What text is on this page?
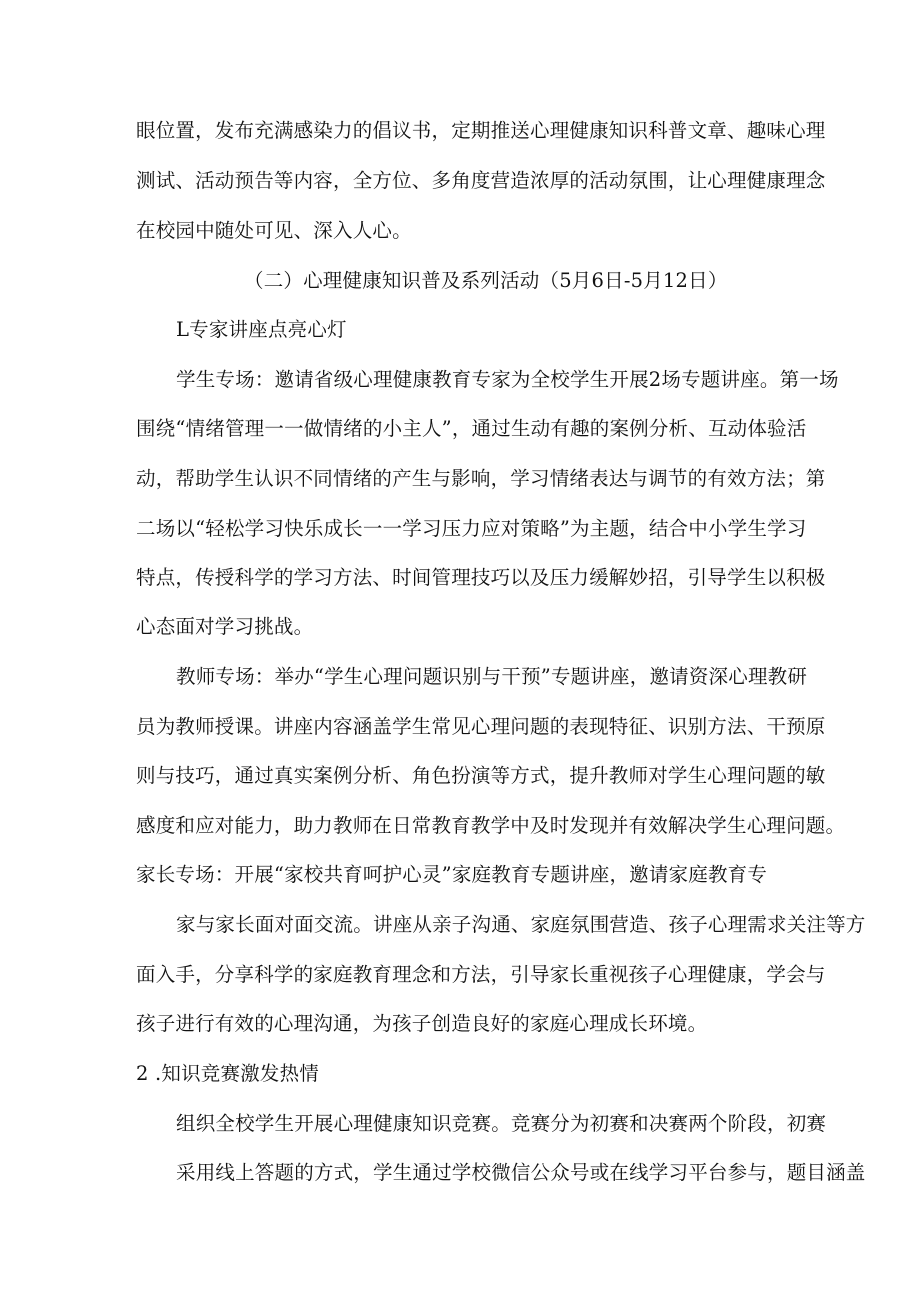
眼位置，发布充满感染力的倡议书，定期推送心理健康知识科普文章、趣味心理
测试、活动预告等内容，全方位、多角度营造浓厚的活动氛围，让心理健康理念
在校园中随处可见、深入人心。
（二）心理健康知识普及系列活动（5月6日-5月12日）
L专家讲座点亮心灯
学生专场：邀请省级心理健康教育专家为全校学生开展2场专题讲座。第一场
围绕“情绪管理一一做情绪的小主人”，通过生动有趣的案例分析、互动体验活
动，帮助学生认识不同情绪的产生与影响，学习情绪表达与调节的有效方法；第
二场以“轻松学习快乐成长一一学习压力应对策略”为主题，结合中小学生学习
特点，传授科学的学习方法、时间管理技巧以及压力缓解妙招，引导学生以积极
心态面对学习挑战。
教师专场：举办“学生心理问题识别与干预”专题讲座，邀请资深心理教研
员为教师授课。讲座内容涵盖学生常见心理问题的表现特征、识别方法、干预原
则与技巧，通过真实案例分析、角色扮演等方式，提升教师对学生心理问题的敏
感度和应对能力，助力教师在日常教育教学中及时发现并有效解决学生心理问题。
家长专场：开展“家校共育呵护心灵”家庭教育专题讲座，邀请家庭教育专
家与家长面对面交流。讲座从亲子沟通、家庭氛围营造、孩子心理需求关注等方
面入手，分享科学的家庭教育理念和方法，引导家长重视孩子心理健康，学会与
孩子进行有效的心理沟通，为孩子创造良好的家庭心理成长环境。
2 .知识竞赛激发热情
组织全校学生开展心理健康知识竞赛。竞赛分为初赛和决赛两个阶段，初赛
采用线上答题的方式，学生通过学校微信公众号或在线学习平台参与，题目涵盖
